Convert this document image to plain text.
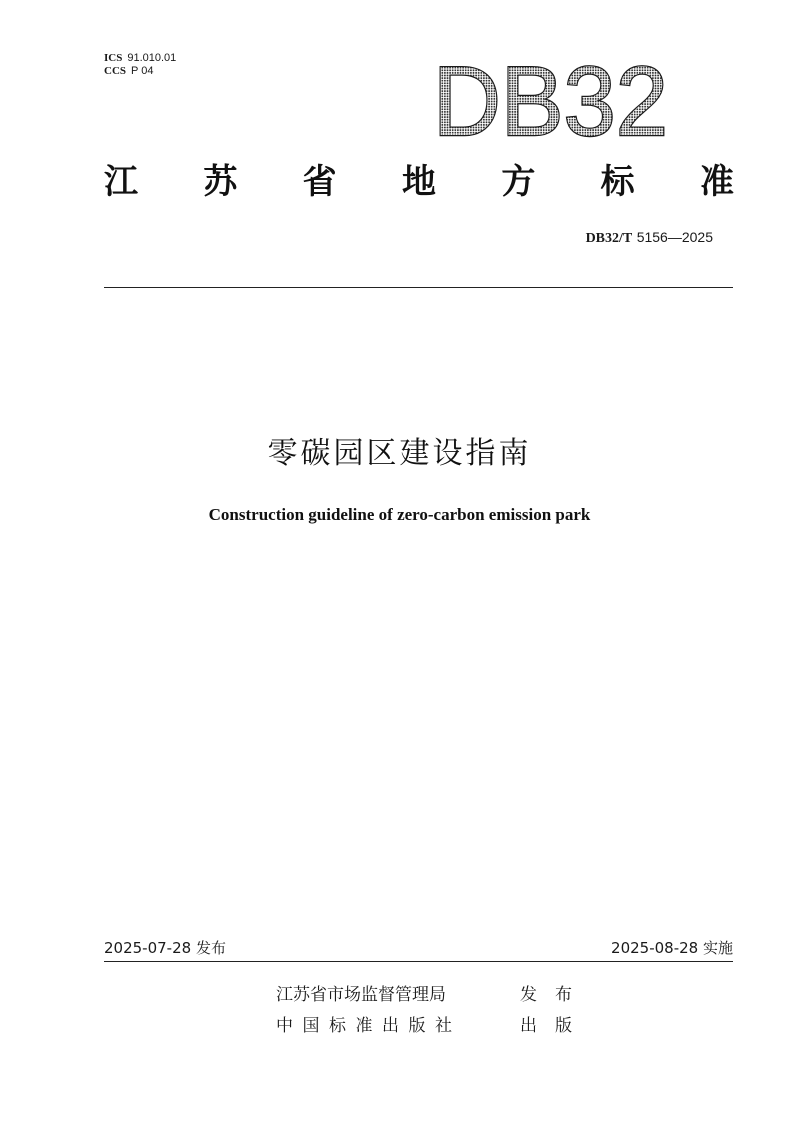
ICS 91.010.01
CCS P 04	DB32
江 苏 省 地 方 标 准
DB32/T 5156—2025
零碳园区建设指南
Construction guideline of zero-carbon emission park
2025-07-28 发布	2025-08-28 实施
江苏省市场监督管理局	发布
中国标准出版社	出版
